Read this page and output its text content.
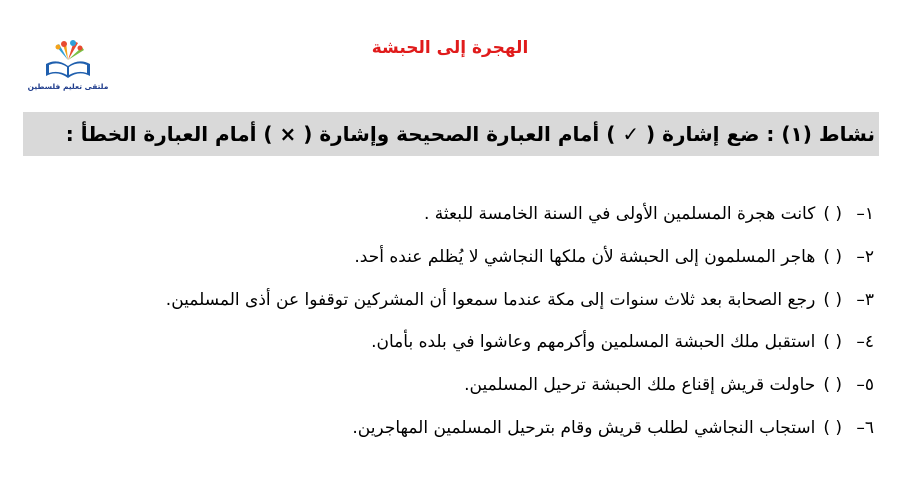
ملتقى تعليم فلسطين
الهجرة إلى الحبشة
نشاط (١) : ضع إشارة ( ✓ ) أمام العبارة الصحيحة وإشارة ( × ) أمام العبارة الخطأ :
١–( )كانت هجرة المسلمين الأولى في السنة الخامسة للبعثة .
٢–( )هاجر المسلمون إلى الحبشة لأن ملكها النجاشي لا يُظلم عنده أحد.
٣–( )رجع الصحابة بعد ثلاث سنوات إلى مكة عندما سمعوا أن المشركين توقفوا عن أذى المسلمين.
٤–( )استقبل ملك الحبشة المسلمين وأكرمهم وعاشوا في بلده بأمان.
٥–( )حاولت قريش إقناع ملك الحبشة ترحيل المسلمين.
٦–( )استجاب النجاشي لطلب قريش وقام بترحيل المسلمين المهاجرين.
